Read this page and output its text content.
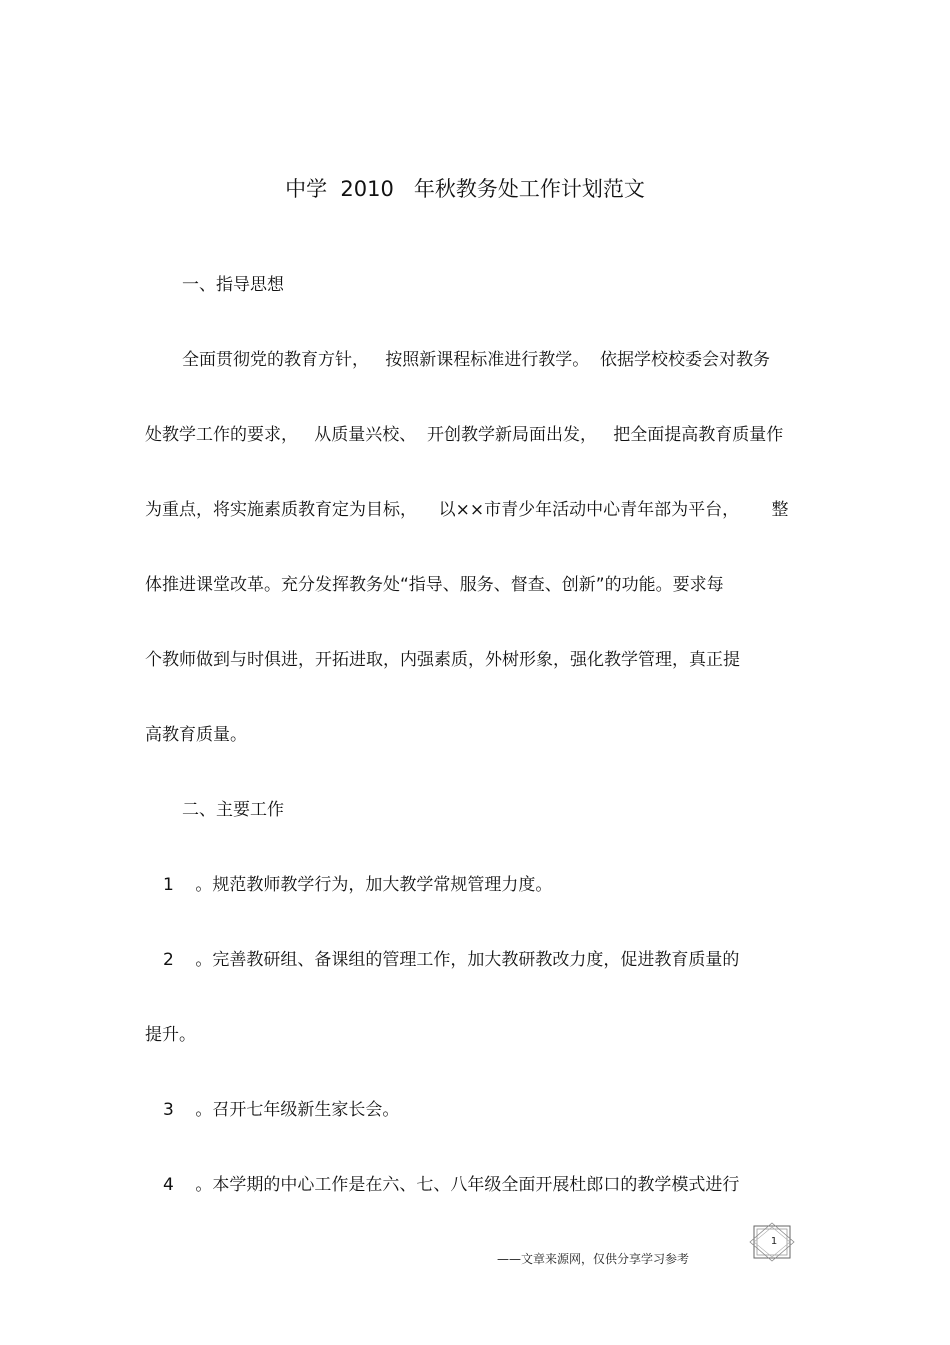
中学  2010   年秋教务处工作计划范文
一、指导思想
全面贯彻党的教育方针，   按照新课程标准进行教学。  依据学校校委会对教务
处教学工作的要求，   从质量兴校、  开创教学新局面出发，   把全面提高教育质量作
为重点，将实施素质教育定为目标，    以××市青少年活动中心青年部为平台，      整
体推进课堂改革。充分发挥教务处“指导、服务、督查、创新”的功能。要求每
个教师做到与时俱进，开拓进取，内强素质，外树形象，强化教学管理，真正提
高教育质量。
二、主要工作
1    。规范教师教学行为，加大教学常规管理力度。
2    。完善教研组、备课组的管理工作，加大教研教改力度，促进教育质量的
提升。
3    。召开七年级新生家长会。
4    。本学期的中心工作是在六、七、八年级全面开展杜郎口的教学模式进行
——文章来源网，仅供分享学习参考
1
